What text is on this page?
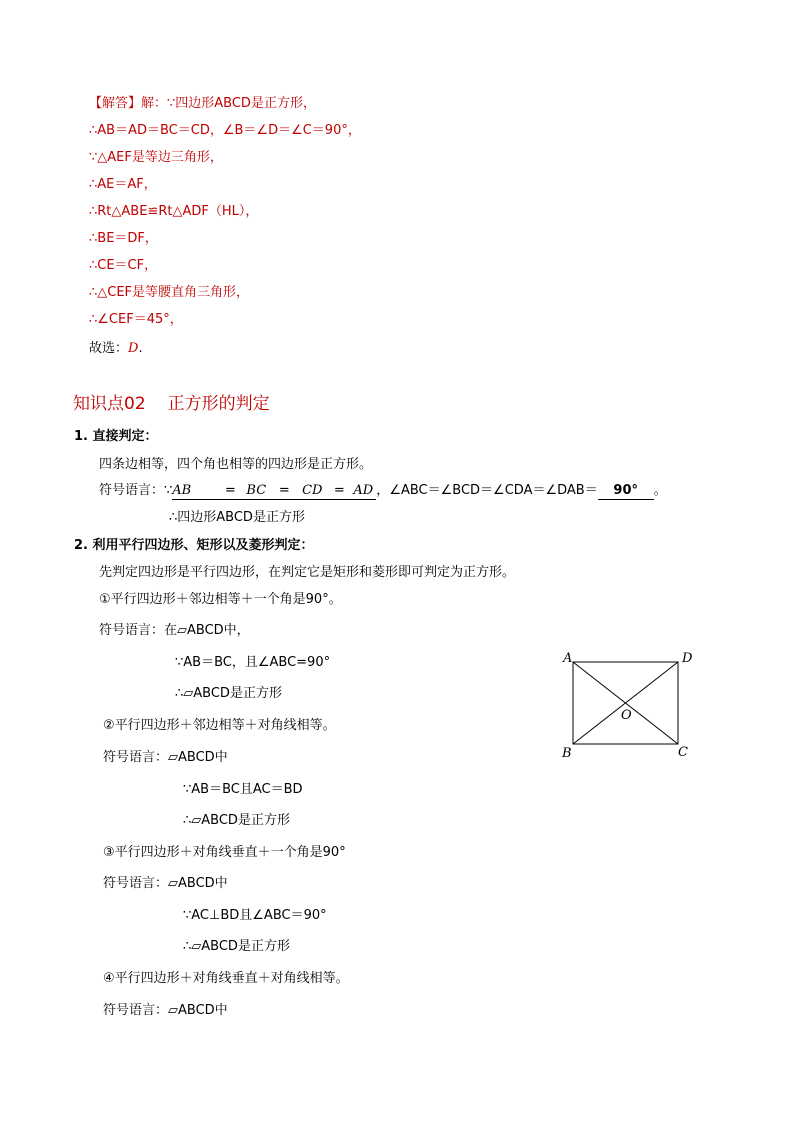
【解答】解：∵四边形ABCD是正方形，
∴AB＝AD＝BC＝CD，∠B＝∠D＝∠C＝90°，
∵△AEF是等边三角形，
∴AE＝AF，
∴Rt△ABE≌Rt△ADF（HL），
∴BE＝DF，
∴CE＝CF，
∴△CEF是等腰直角三角形，
∴∠CEF＝45°，
故选：D.
知识点02 正方形的判定
1. 直接判定：
四条边相等，四个角也相等的四边形是正方形。
符号语言：∵AB	= BC = CD = AD ，∠ABC＝∠BCD＝∠CDA＝∠DAB＝ 90° 。
∴四边形ABCD是正方形
2. 利用平行四边形、矩形以及菱形判定：
先判定四边形是平行四边形，在判定它是矩形和菱形即可判定为正方形。
①平行四边形＋邻边相等＋一个角是90°。
符号语言：在▱ABCD中，
∵AB＝BC，且∠ABC=90°
∴▱ABCD是正方形
②平行四边形＋邻边相等＋对角线相等。
符号语言：▱ABCD中
∵AB＝BC且AC＝BD
∴▱ABCD是正方形
③平行四边形＋对角线垂直＋一个角是90°
符号语言：▱ABCD中
∵AC⊥BD且∠ABC＝90°
∴▱ABCD是正方形
④平行四边形＋对角线垂直＋对角线相等。
符号语言：▱ABCD中
A	D
B	C
O
